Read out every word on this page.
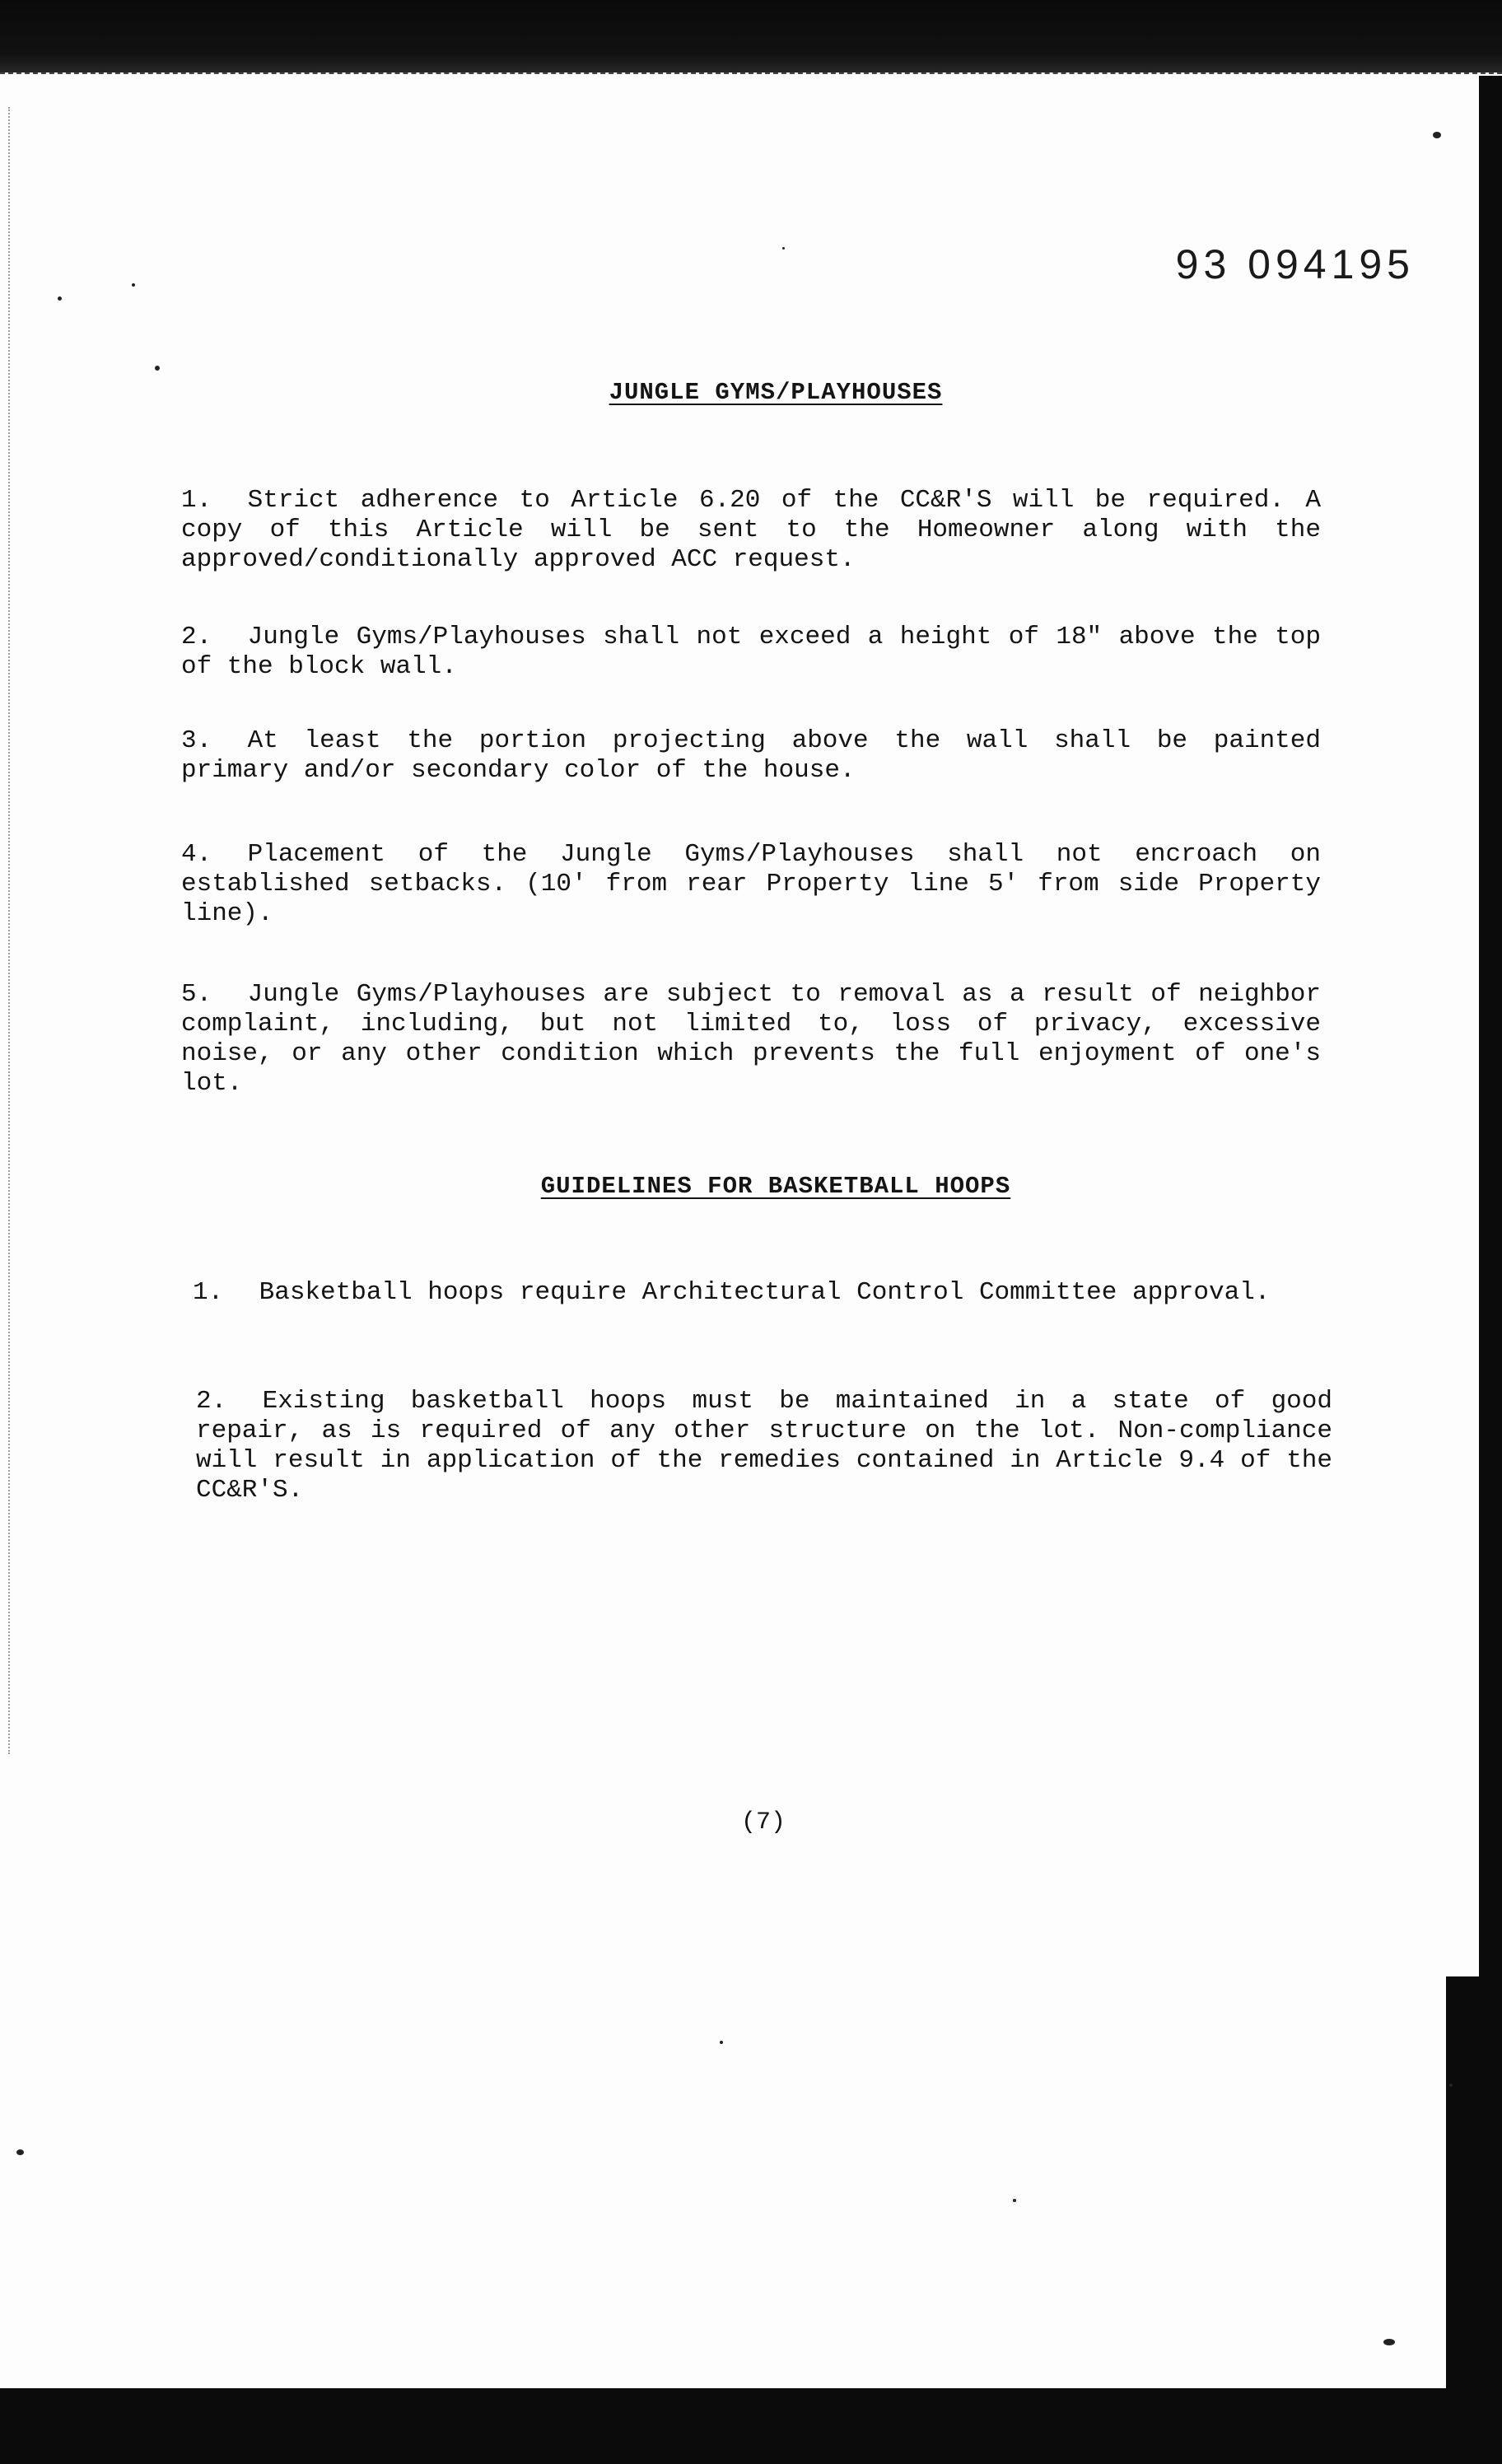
93 094195
JUNGLE GYMS/PLAYHOUSES
1. Strict adherence to Article 6.20 of the CC&R'S will be required. A copy of this Article will be sent to the Homeowner along with the approved/conditionally approved ACC request.
2. Jungle Gyms/Playhouses shall not exceed a height of 18" above the top of the block wall.
3. At least the portion projecting above the wall shall be painted primary and/or secondary color of the house.
4. Placement of the Jungle Gyms/Playhouses shall not encroach on established setbacks. (10' from rear Property line 5' from side Property line).
5. Jungle Gyms/Playhouses are subject to removal as a result of neighbor complaint, including, but not limited to, loss of privacy, excessive noise, or any other condition which prevents the full enjoyment of one's lot.
GUIDELINES FOR BASKETBALL HOOPS
1. Basketball hoops require Architectural Control Committee approval.
2. Existing basketball hoops must be maintained in a state of good repair, as is required of any other structure on the lot. Non-compliance will result in application of the remedies contained in Article 9.4 of the CC&R'S.
(7)
